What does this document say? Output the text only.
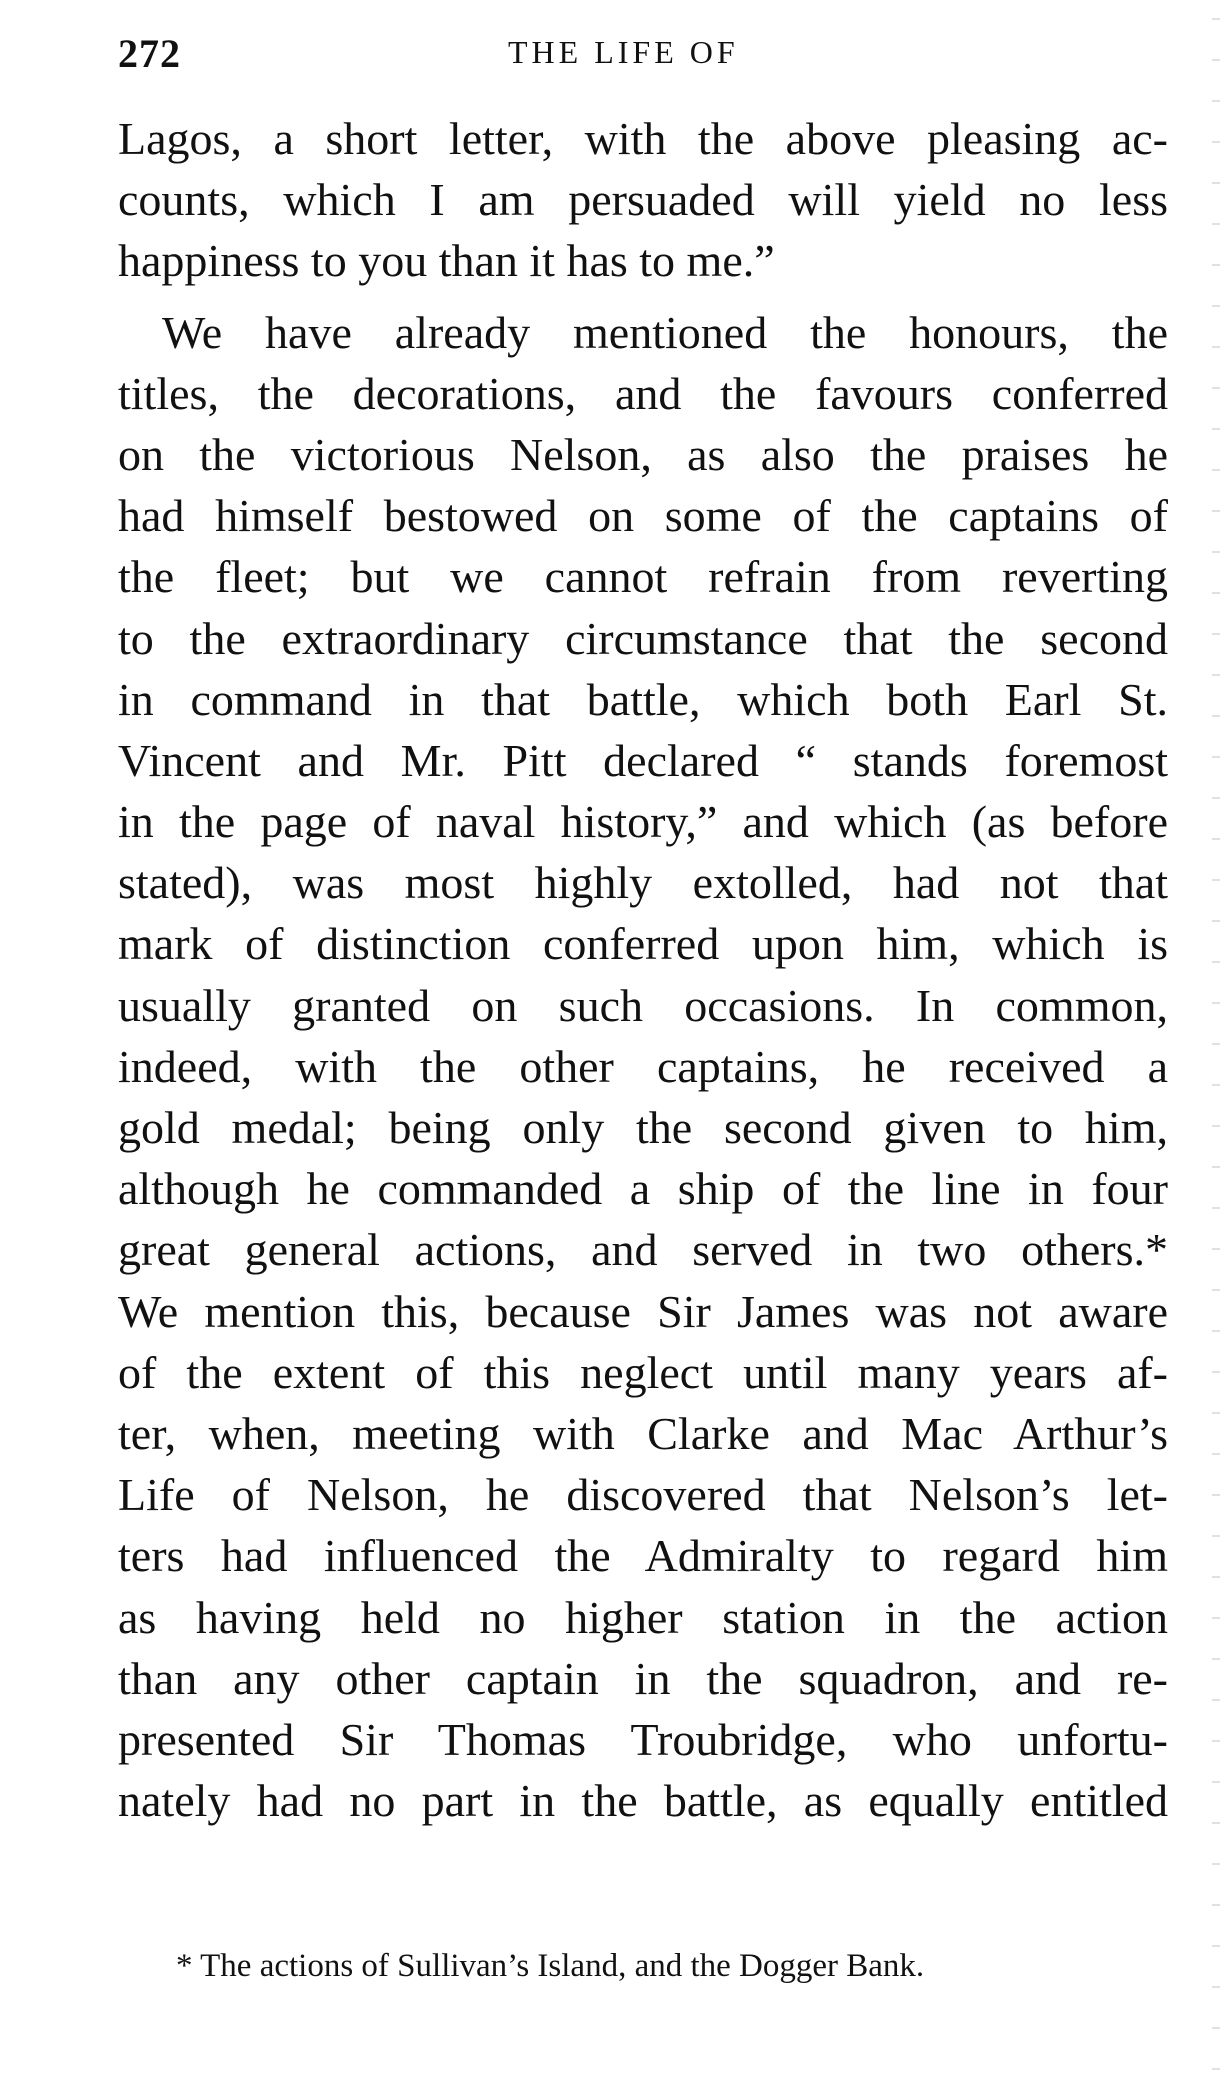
272	THE LIFE OF
Lagos, a short letter, with the above pleasing ac-
counts, which I am persuaded will yield no less
happiness to you than it has to me.”
We have already mentioned the honours, the
titles, the decorations, and the favours conferred
on the victorious Nelson, as also the praises he
had himself bestowed on some of the captains of
the fleet; but we cannot refrain from reverting
to the extraordinary circumstance that the second
in command in that battle, which both Earl St.
Vincent and Mr. Pitt declared “ stands foremost
in the page of naval history,” and which (as before
stated), was most highly extolled, had not that
mark of distinction conferred upon him, which is
usually granted on such occasions. In common,
indeed, with the other captains, he received a
gold medal; being only the second given to him,
although he commanded a ship of the line in four
great general actions, and served in two others.*
We mention this, because Sir James was not aware
of the extent of this neglect until many years af-
ter, when, meeting with Clarke and Mac Arthur’s
Life of Nelson, he discovered that Nelson’s let-
ters had influenced the Admiralty to regard him
as having held no higher station in the action
than any other captain in the squadron, and re-
presented Sir Thomas Troubridge, who unfortu-
nately had no part in the battle, as equally entitled
* The actions of Sullivan’s Island, and the Dogger Bank.
